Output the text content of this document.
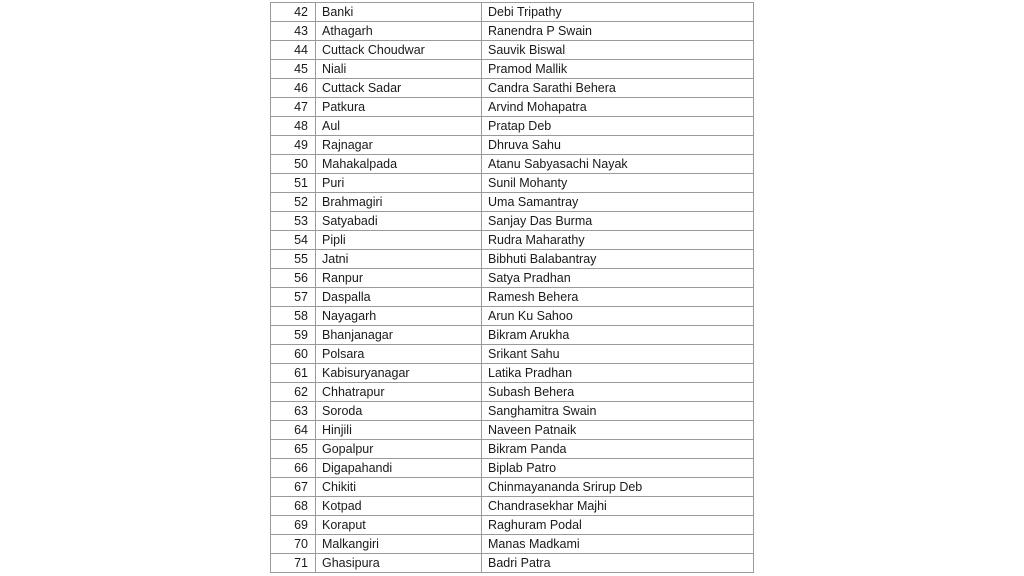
42	Banki	Debi Tripathy
43	Athagarh	Ranendra P Swain
44	Cuttack Choudwar	Sauvik Biswal
45	Niali	Pramod Mallik
46	Cuttack Sadar	Candra Sarathi Behera
47	Patkura	Arvind Mohapatra
48	Aul	Pratap Deb
49	Rajnagar	Dhruva Sahu
50	Mahakalpada	Atanu Sabyasachi Nayak
51	Puri	Sunil Mohanty
52	Brahmagiri	Uma Samantray
53	Satyabadi	Sanjay Das Burma
54	Pipli	Rudra Maharathy
55	Jatni	Bibhuti Balabantray
56	Ranpur	Satya Pradhan
57	Daspalla	Ramesh Behera
58	Nayagarh	Arun Ku Sahoo
59	Bhanjanagar	Bikram Arukha
60	Polsara	Srikant Sahu
61	Kabisuryanagar	Latika Pradhan
62	Chhatrapur	Subash Behera
63	Soroda	Sanghamitra Swain
64	Hinjili	Naveen Patnaik
65	Gopalpur	Bikram Panda
66	Digapahandi	Biplab Patro
67	Chikiti	Chinmayananda Srirup Deb
68	Kotpad	Chandrasekhar Majhi
69	Koraput	Raghuram Podal
70	Malkangiri	Manas Madkami
71	Ghasipura	Badri Patra
